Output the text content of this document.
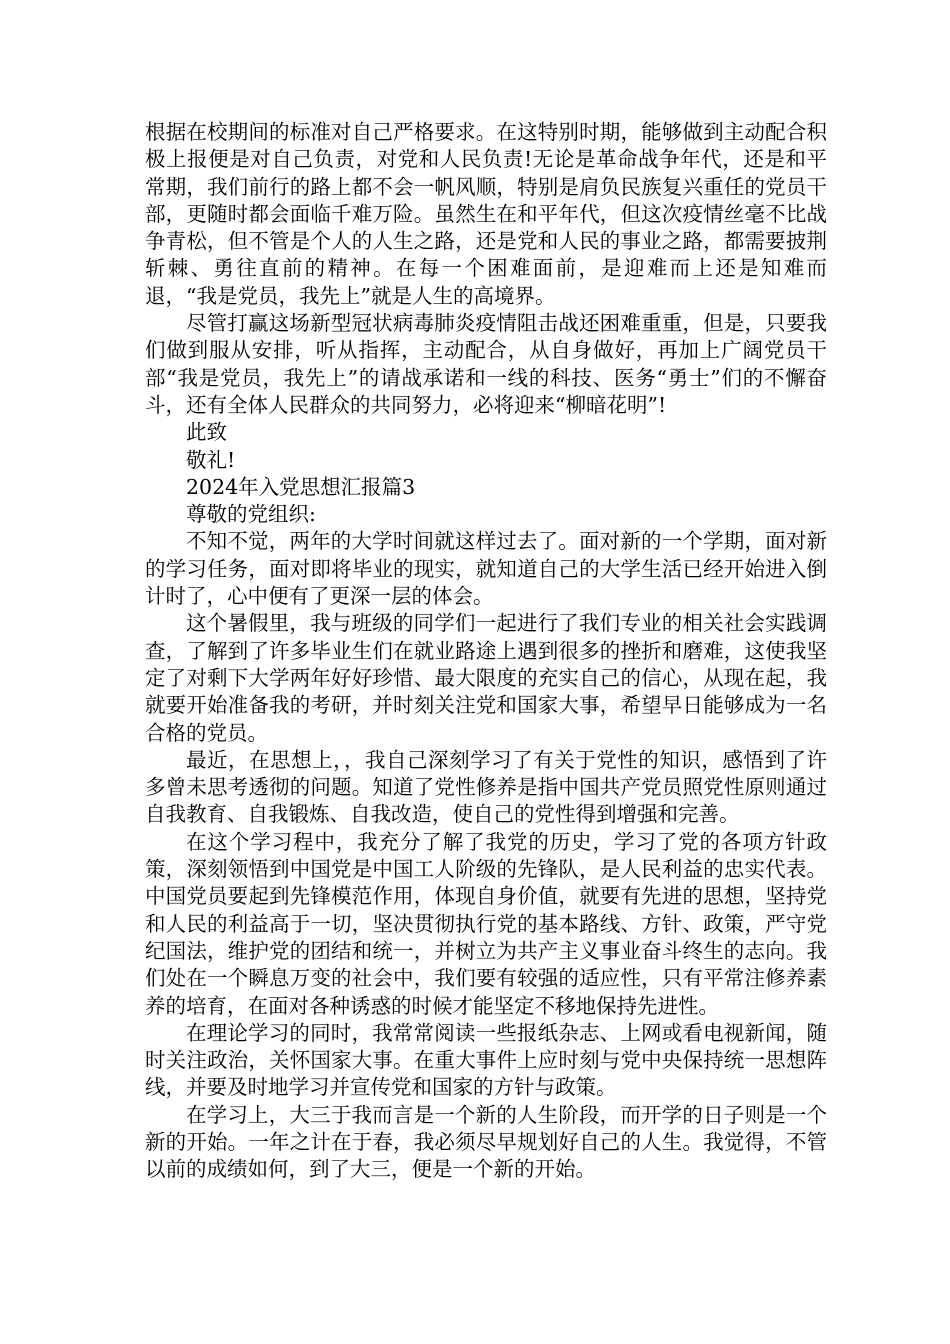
根据在校期间的标准对自己严格要求。在这特别时期，能够做到主动配合积极上报便是对自己负责，对党和人民负责!无论是革命战争年代，还是和平常期，我们前行的路上都不会一帆风顺，特别是肩负民族复兴重任的党员干部，更随时都会面临千难万险。虽然生在和平年代，但这次疫情丝毫不比战争青松，但不管是个人的人生之路，还是党和人民的事业之路，都需要披荆斩棘、勇往直前的精神。在每一个困难面前，是迎难而上还是知难而退，“我是党员，我先上”就是人生的高境界。

尽管打赢这场新型冠状病毒肺炎疫情阻击战还困难重重，但是，只要我们做到服从安排，听从指挥，主动配合，从自身做好，再加上广阔党员干部“我是党员，我先上”的请战承诺和一线的科技、医务“勇士”们的不懈奋斗，还有全体人民群众的共同努力，必将迎来“柳暗花明”!

此致

敬礼!

2024年入党思想汇报篇3

尊敬的党组织:

不知不觉，两年的大学时间就这样过去了。面对新的一个学期，面对新的学习任务，面对即将毕业的现实，就知道自己的大学生活已经开始进入倒计时了，心中便有了更深一层的体会。

这个暑假里，我与班级的同学们一起进行了我们专业的相关社会实践调查，了解到了许多毕业生们在就业路途上遇到很多的挫折和磨难，这使我坚定了对剩下大学两年好好珍惜、最大限度的充实自己的信心，从现在起，我就要开始准备我的考研，并时刻关注党和国家大事，希望早日能够成为一名合格的党员。

最近，在思想上，，我自己深刻学习了有关于党性的知识，感悟到了许多曾未思考透彻的问题。知道了党性修养是指中国共产党员照党性原则通过自我教育、自我锻炼、自我改造，使自己的党性得到增强和完善。

在这个学习程中，我充分了解了我党的历史，学习了党的各项方针政策，深刻领悟到中国党是中国工人阶级的先锋队，是人民利益的忠实代表。中国党员要起到先锋模范作用，体现自身价值，就要有先进的思想，坚持党和人民的利益高于一切，坚决贯彻执行党的基本路线、方针、政策，严守党纪国法，维护党的团结和统一，并树立为共产主义事业奋斗终生的志向。我们处在一个瞬息万变的社会中，我们要有较强的适应性，只有平常注修养素养的培育，在面对各种诱惑的时候才能坚定不移地保持先进性。

在理论学习的同时，我常常阅读一些报纸杂志、上网或看电视新闻，随时关注政治，关怀国家大事。在重大事件上应时刻与党中央保持统一思想阵线，并要及时地学习并宣传党和国家的方针与政策。

在学习上，大三于我而言是一个新的人生阶段，而开学的日子则是一个新的开始。一年之计在于春，我必须尽早规划好自己的人生。我觉得，不管以前的成绩如何，到了大三，便是一个新的开始。
